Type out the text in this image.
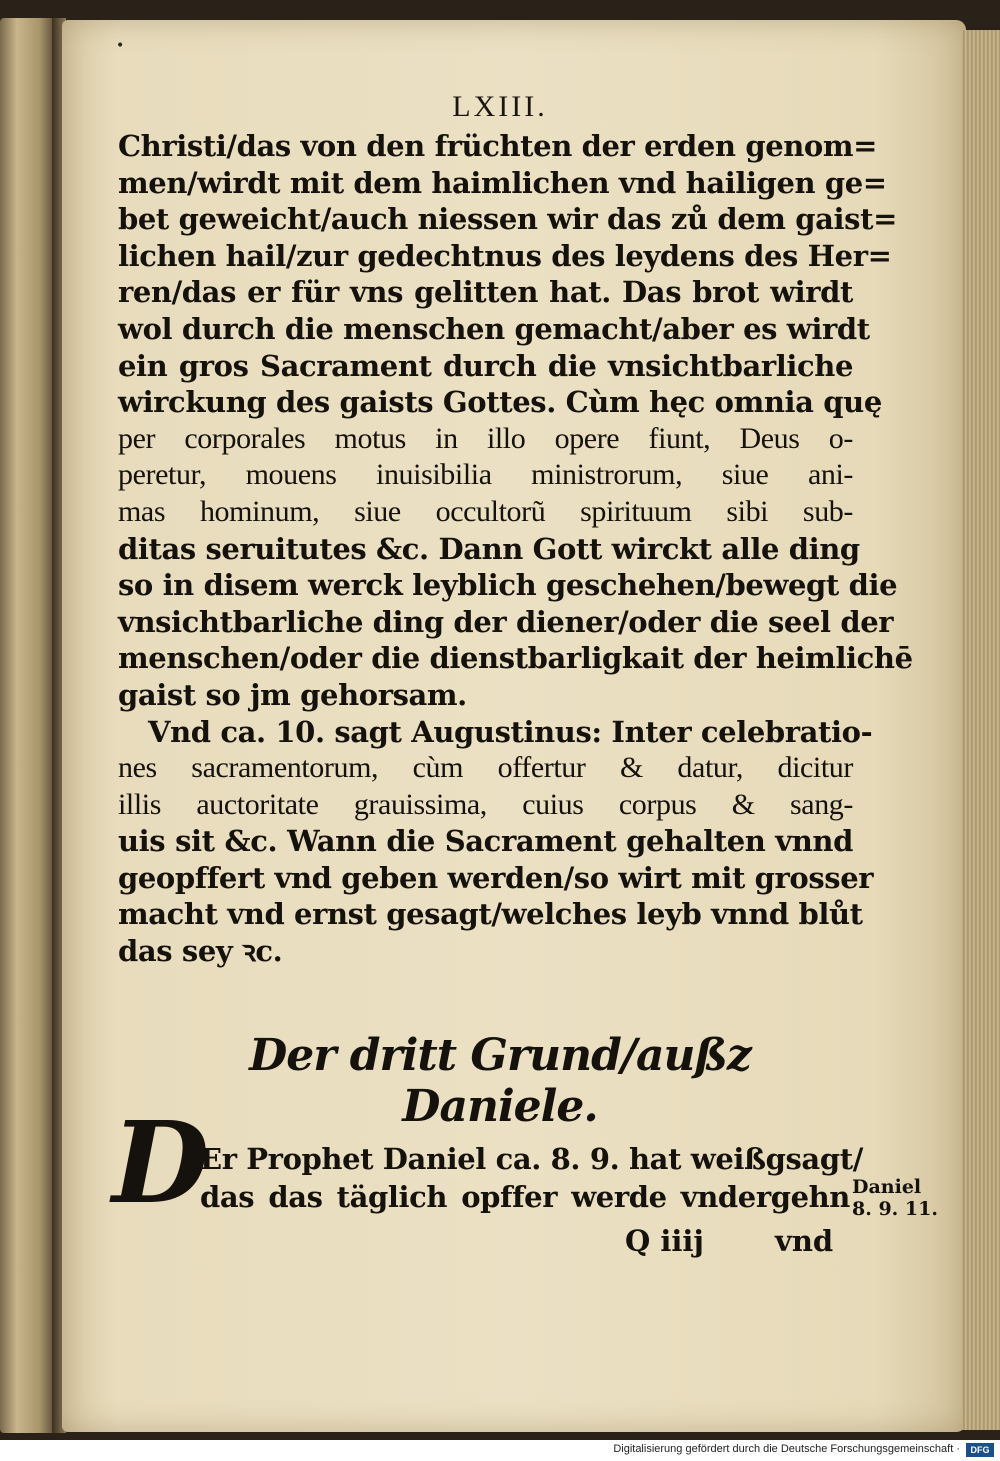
•
LXIII.
Christi/das von den früchten der erden genom=
men/wirdt mit dem haimlichen vnd hailigen ge=
bet geweicht/auch niessen wir das zů dem gaist=
lichen hail/zur gedechtnus des leydens des Her=
ren/das er für vns gelitten hat. Das brot wirdt
wol durch die menschen gemacht/aber es wirdt
ein gros Sacrament durch die vnsichtbarliche
wirckung des gaists Gottes. Cùm hęc omnia quę
per corporales motus in illo opere fiunt, Deus o-
peretur, mouens inuisibilia ministrorum, siue ani-
mas hominum, siue occultorũ spirituum sibi sub-
ditas seruitutes &c. Dann Gott wirckt alle ding
so in disem werck leyblich geschehen/bewegt die
vnsichtbarliche ding der diener/oder die seel der
menschen/oder die dienstbarligkait der heimlichē
gaist so jm gehorsam.
Vnd ca. 10. sagt Augustinus: Inter celebratio-
nes sacramentorum, cùm offertur & datur, dicitur
illis auctoritate grauissima, cuius corpus & sang-
uis sit &c. Wann die Sacrament gehalten vnnd
geopffert vnd geben werden/so wirt mit grosser
macht vnd ernst gesagt/welches leyb vnnd blůt
das sey ꝛc.
Der dritt Grund/außz Daniele.
D
Er Prophet Daniel ca. 8. 9. hat weißgsagt/
das das täglich opffer werde vndergehn Daniel
8. 9. 11.
Q iiij vnd
Digitalisierung gefördert durch die Deutsche Forschungsgemeinschaft ·	DFG
